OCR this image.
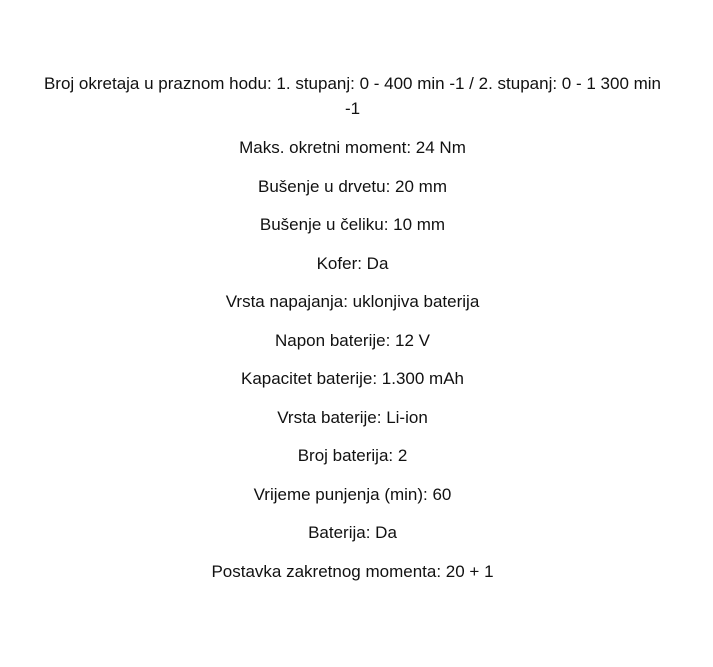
Broj okretaja u praznom hodu: 1. stupanj: 0 - 400 min -1 / 2. stupanj: 0 - 1 300 min -1
Maks. okretni moment: 24 Nm
Bušenje u drvetu: 20 mm
Bušenje u čeliku: 10 mm
Kofer: Da
Vrsta napajanja: uklonjiva baterija
Napon baterije: 12 V
Kapacitet baterije: 1.300 mAh
Vrsta baterije: Li-ion
Broj baterija: 2
Vrijeme punjenja (min): 60
Baterija: Da
Postavka zakretnog momenta: 20 + 1
